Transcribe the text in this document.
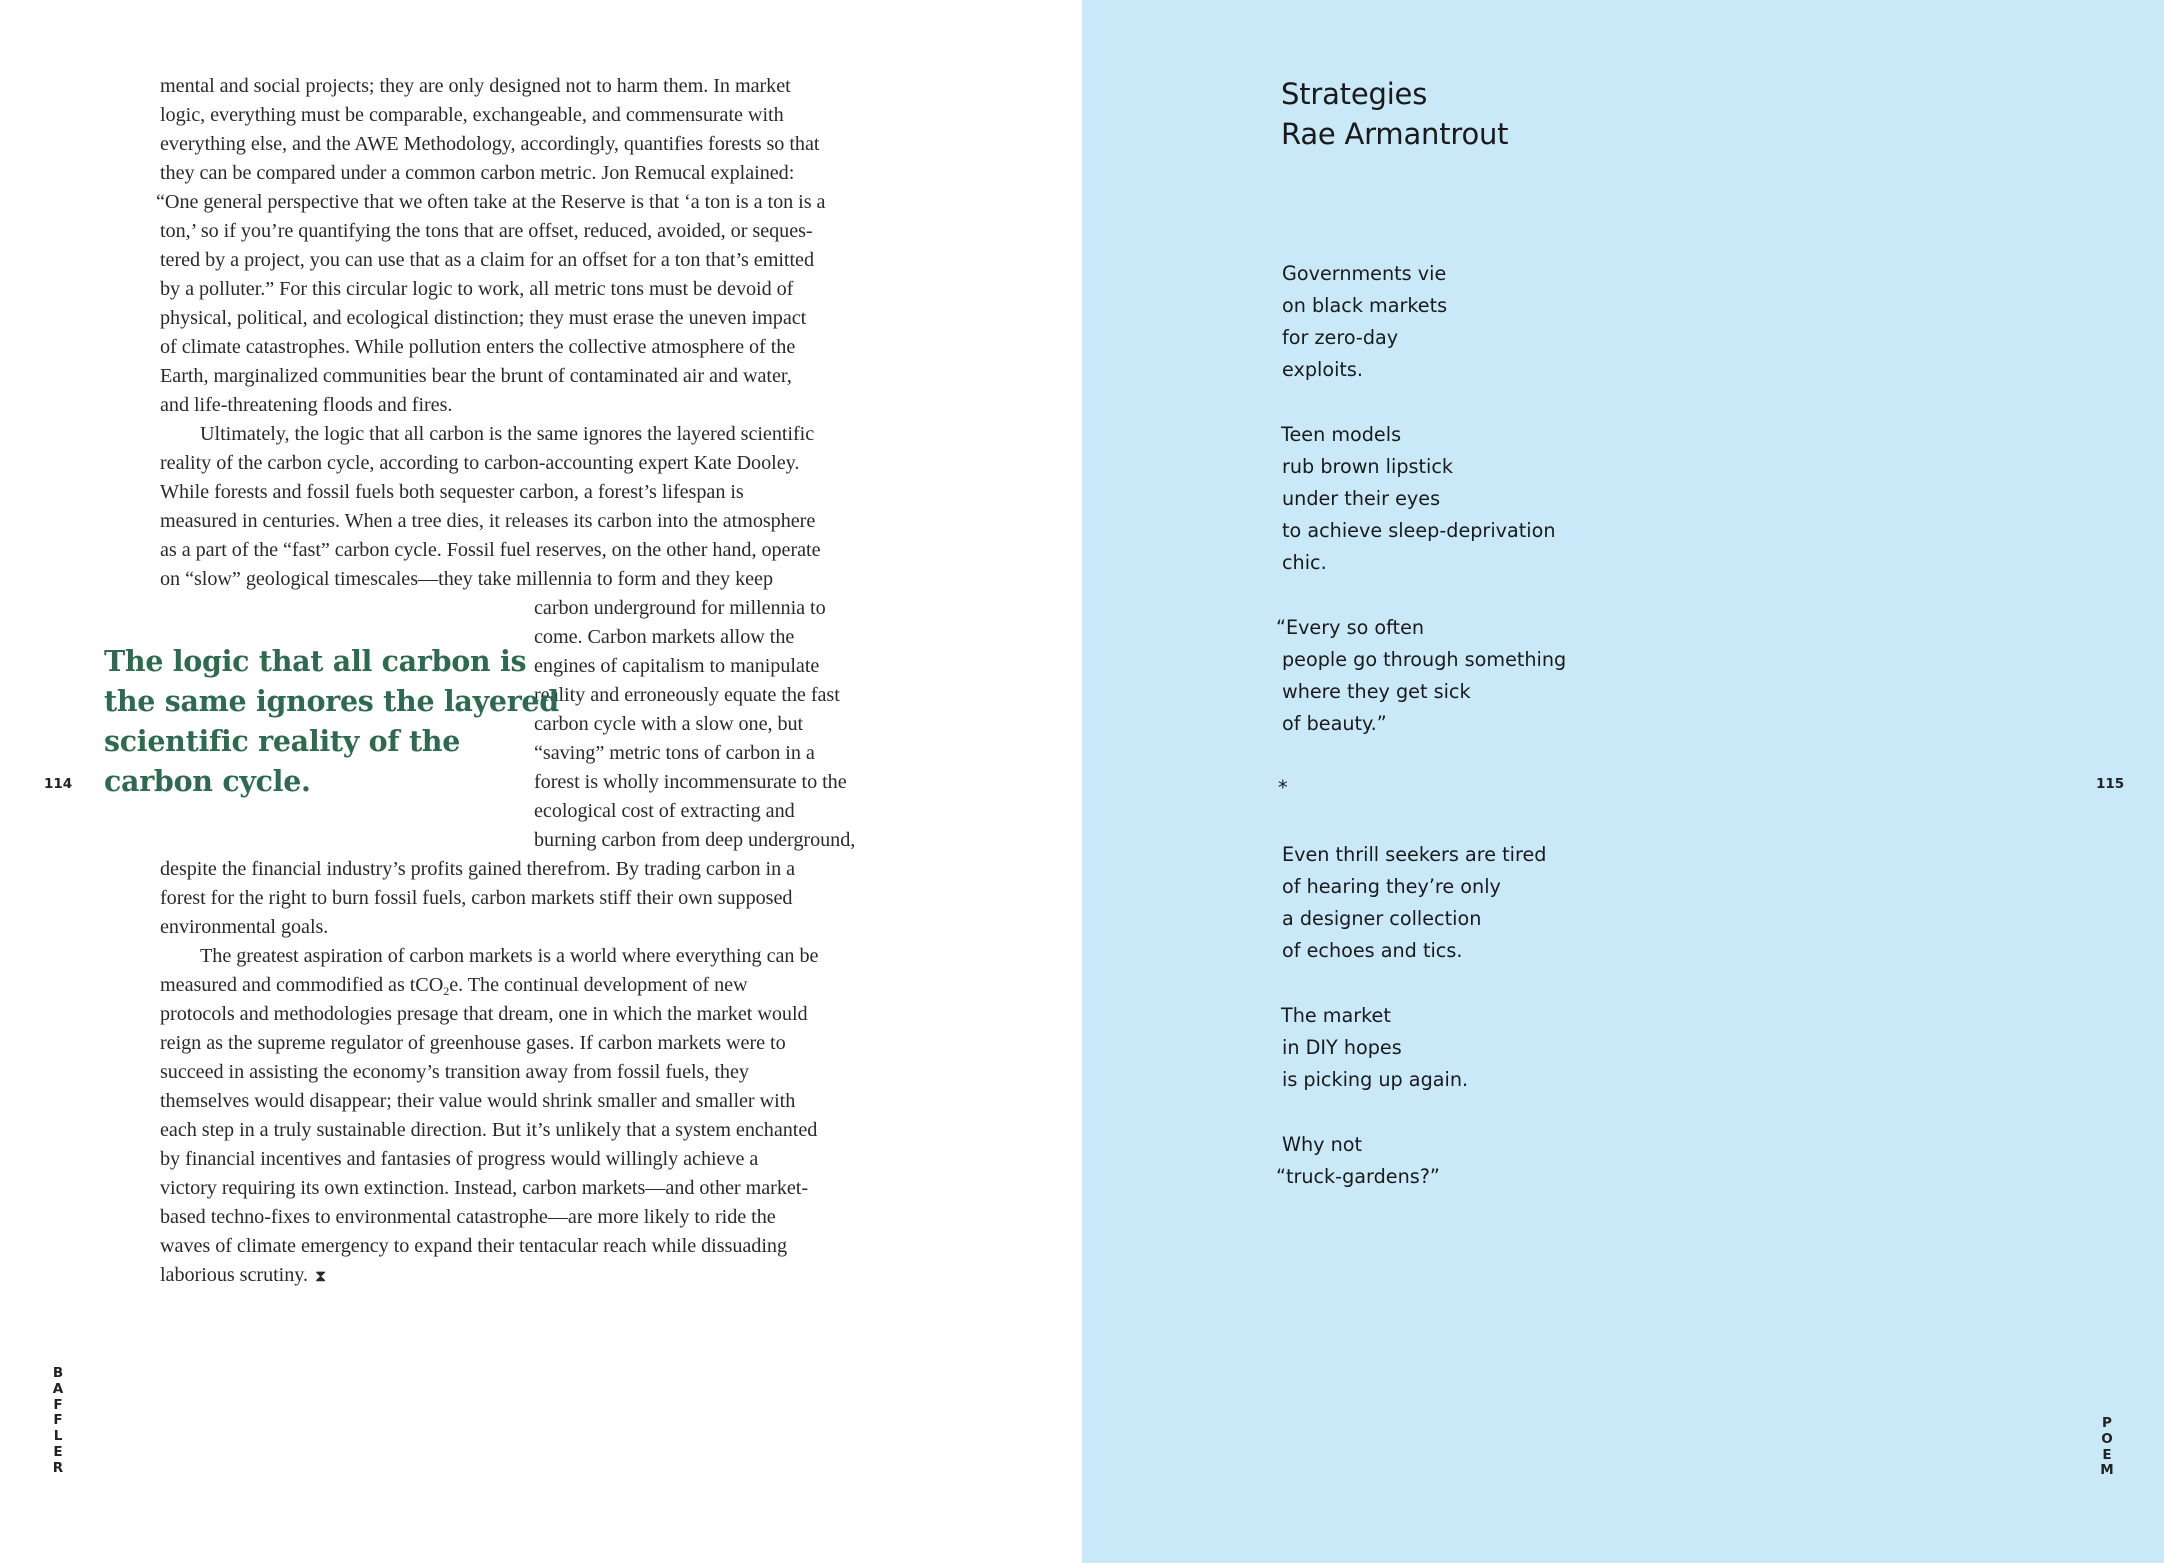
mental and social projects; they are only designed not to harm them. In market
logic, everything must be comparable, exchangeable, and commensurate with
everything else, and the AWE Methodology, accordingly, quantifies forests so that
they can be compared under a common carbon metric. Jon Remucal explained:
“One general perspective that we often take at the Reserve is that ‘a ton is a ton is a
ton,’ so if you’re quantifying the tons that are offset, reduced, avoided, or seques-
tered by a project, you can use that as a claim for an offset for a ton that’s emitted
by a polluter.” For this circular logic to work, all metric tons must be devoid of
physical, political, and ecological distinction; they must erase the uneven impact
of climate catastrophes. While pollution enters the collective atmosphere of the
Earth, marginalized communities bear the brunt of contaminated air and water,
and life-threatening floods and fires.
Ultimately, the logic that all carbon is the same ignores the layered scientific
reality of the carbon cycle, according to carbon-accounting expert Kate Dooley.
While forests and fossil fuels both sequester carbon, a forest’s lifespan is
measured in centuries. When a tree dies, it releases its carbon into the atmosphere
as a part of the “fast” carbon cycle. Fossil fuel reserves, on the other hand, operate
on “slow” geological timescales—they take millennia to form and they keep
carbon underground for millennia to
come. Carbon markets allow the
engines of capitalism to manipulate
reality and erroneously equate the fast
carbon cycle with a slow one, but
“saving” metric tons of carbon in a
forest is wholly incommensurate to the
ecological cost of extracting and
burning carbon from deep underground,
despite the financial industry’s profits gained therefrom. By trading carbon in a
forest for the right to burn fossil fuels, carbon markets stiff their own supposed
environmental goals.
The greatest aspiration of carbon markets is a world where everything can be
measured and commodified as tCO$_2$e. The continual development of new
protocols and methodologies presage that dream, one in which the market would
reign as the supreme regulator of greenhouse gases. If carbon markets were to
succeed in assisting the economy’s transition away from fossil fuels, they
themselves would disappear; their value would shrink smaller and smaller with
each step in a truly sustainable direction. But it’s unlikely that a system enchanted
by financial incentives and fantasies of progress would willingly achieve a
victory requiring its own extinction. Instead, carbon markets—and other market-
based techno-fixes to environmental catastrophe—are more likely to ride the
waves of climate emergency to expand their tentacular reach while dissuading
laborious scrutiny. ⧗
The logic that all carbon is
the same ignores the layered
scientific reality of the
carbon cycle.
114	115
B
A
F
F
L
E
R
P
O
E
M
Strategies
Rae Armantrout
Governments vie
on black markets
for zero-day
exploits.
Teen models
rub brown lipstick
under their eyes
to achieve sleep-deprivation
chic.
“Every so often
people go through something
where they get sick
of beauty.”
*
Even thrill seekers are tired
of hearing they’re only
a designer collection
of echoes and tics.
The market
in DIY hopes
is picking up again.
Why not
“truck-gardens?”
